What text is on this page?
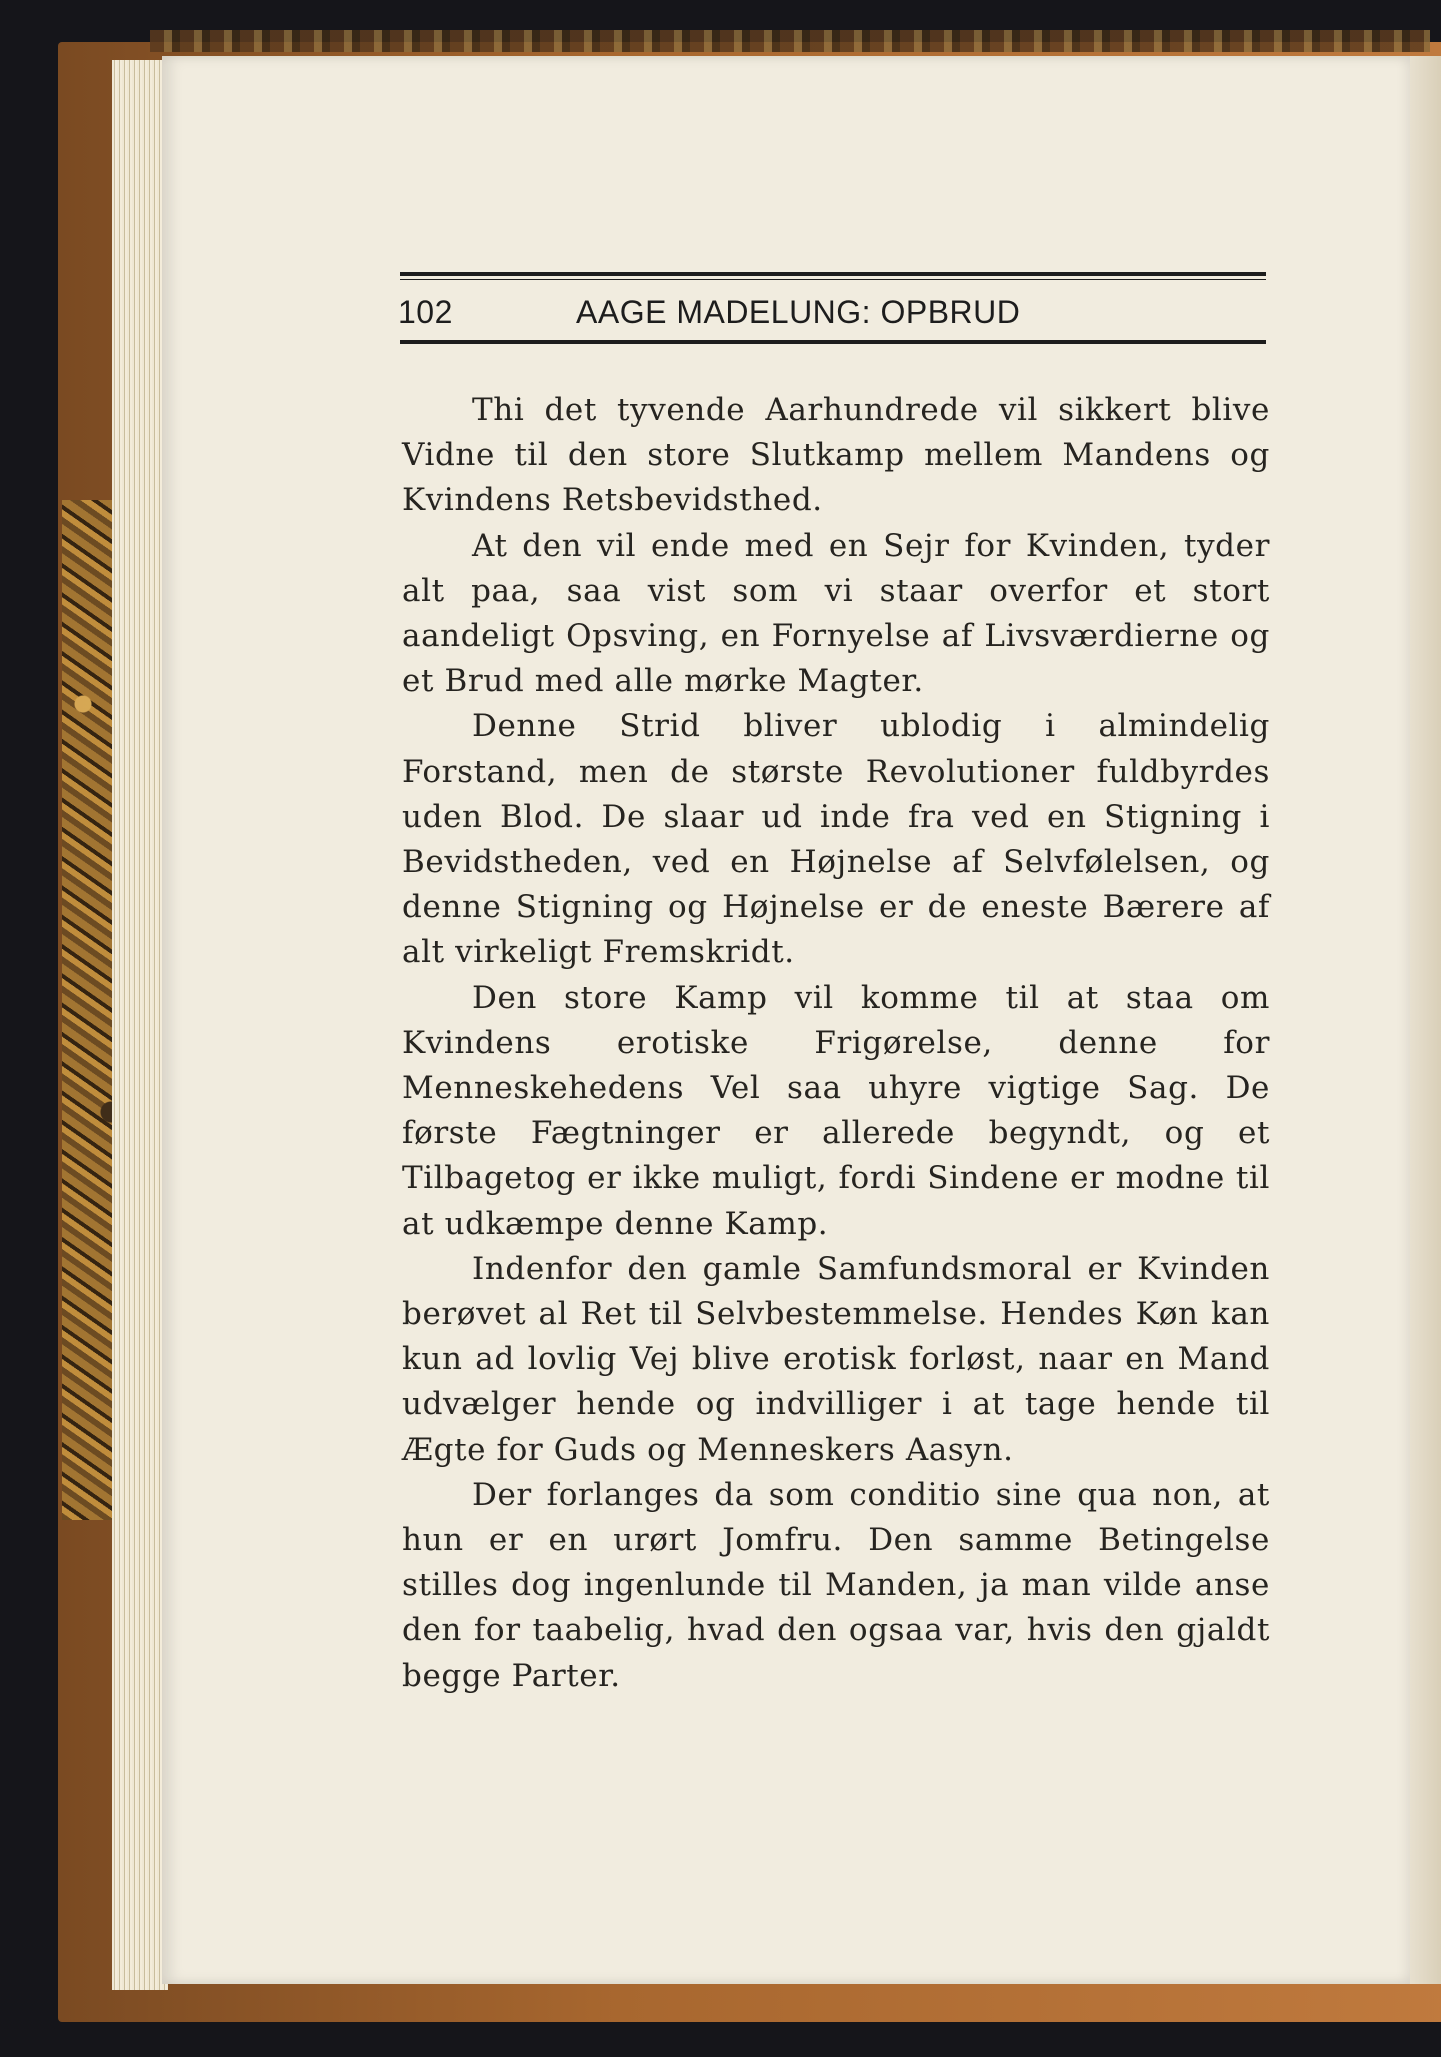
102	AAGE MADELUNG: OPBRUD

Thi det tyvende Aarhundrede vil sikkert blive Vidne til den store Slutkamp mellem Mandens og Kvindens Retsbevidsthed.

At den vil ende med en Sejr for Kvinden, tyder alt paa, saa vist som vi staar overfor et stort aandeligt Opsving, en Fornyelse af Livsværdierne og et Brud med alle mørke Magter.

Denne Strid bliver ublodig i almindelig Forstand, men de største Revolutioner fuldbyrdes uden Blod. De slaar ud inde fra ved en Stigning i Bevidstheden, ved en Højnelse af Selvfølelsen, og denne Stigning og Højnelse er de eneste Bærere af alt virkeligt Fremskridt.

Den store Kamp vil komme til at staa om Kvindens erotiske Frigørelse, denne for Menneskehedens Vel saa uhyre vigtige Sag. De første Fægtninger er allerede begyndt, og et Tilbagetog er ikke muligt, fordi Sindene er modne til at udkæmpe denne Kamp.

Indenfor den gamle Samfundsmoral er Kvinden berøvet al Ret til Selvbestemmelse. Hendes Køn kan kun ad lovlig Vej blive erotisk forløst, naar en Mand udvælger hende og indvilliger i at tage hende til Ægte for Guds og Menneskers Aasyn.

Der forlanges da som conditio sine qua non, at hun er en urørt Jomfru. Den samme Betingelse stilles dog ingenlunde til Manden, ja man vilde anse den for taabelig, hvad den ogsaa var, hvis den gjaldt begge Parter.
